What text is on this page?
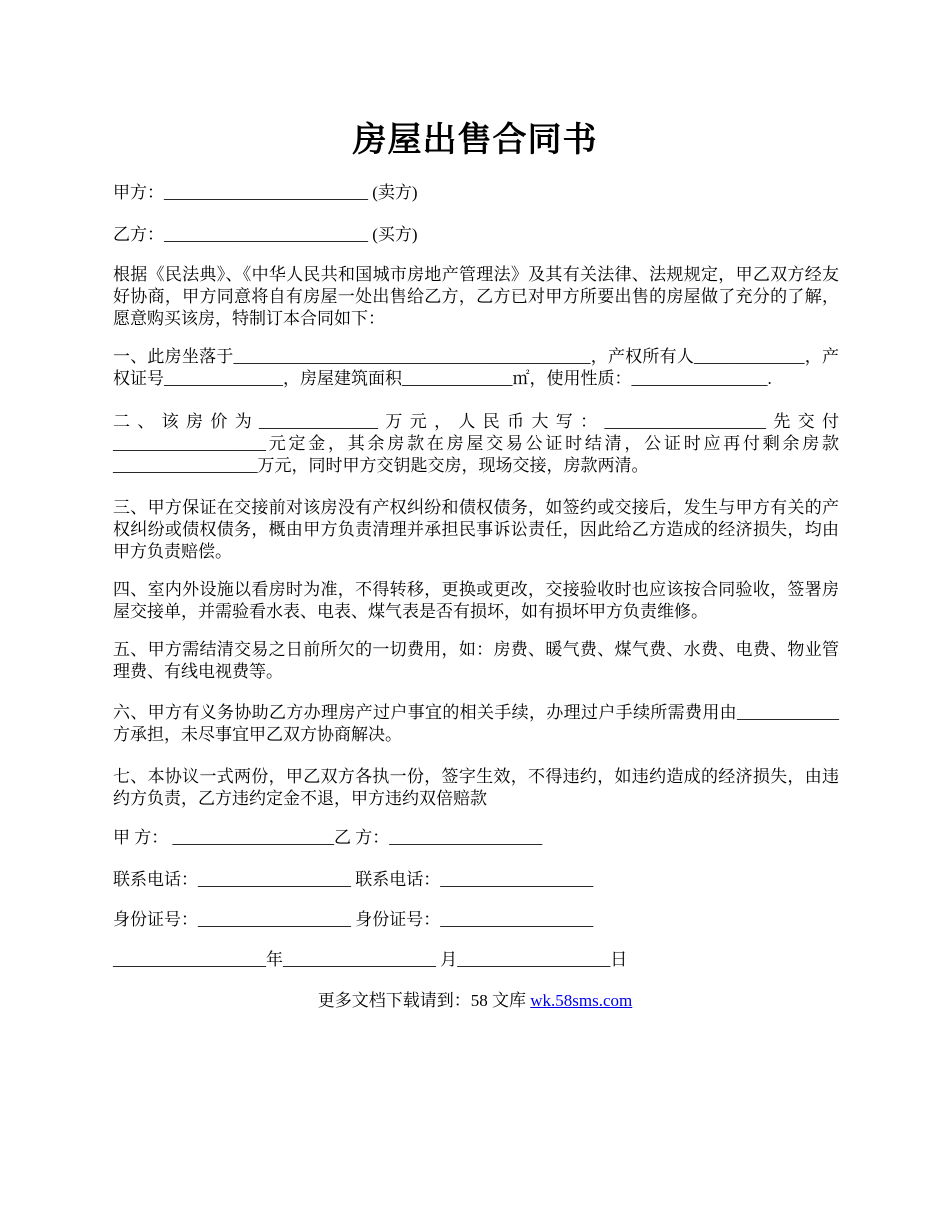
房屋出售合同书
甲方：________________________ (卖方)
乙方：________________________ (买方)
根据《民法典》、《中华人民共和国城市房地产管理法》及其有关法律、法规规定，甲乙双方经友好协商，甲方同意将自有房屋一处出售给乙方，乙方已对甲方所要出售的房屋做了充分的了解，愿意购买该房，特制订本合同如下：
一、此房坐落于__________________________________________，产权所有人_____________，产权证号______________，房屋建筑面积_____________㎡，使用性质：________________.
二、该房价为______________万元，人民币大写：___________________先交付__________________元定金，其余房款在房屋交易公证时结清，公证时应再付剩余房款_________________万元，同时甲方交钥匙交房，现场交接，房款两清。
三、甲方保证在交接前对该房没有产权纠纷和债权债务，如签约或交接后，发生与甲方有关的产权纠纷或债权债务，概由甲方负责清理并承担民事诉讼责任，因此给乙方造成的经济损失，均由甲方负责赔偿。
四、室内外设施以看房时为准，不得转移，更换或更改，交接验收时也应该按合同验收，签署房屋交接单，并需验看水表、电表、煤气表是否有损坏，如有损坏甲方负责维修。
五、甲方需结清交易之日前所欠的一切费用，如：房费、暖气费、煤气费、水费、电费、物业管理费、有线电视费等。
六、甲方有义务协助乙方办理房产过户事宜的相关手续，办理过户手续所需费用由____________方承担，未尽事宜甲乙双方协商解决。
七、本协议一式两份，甲乙双方各执一份，签字生效，不得违约，如违约造成的经济损失，由违约方负责，乙方违约定金不退，甲方违约双倍赔款
甲 方： ___________________乙 方：__________________
联系电话：__________________ 联系电话：__________________
身份证号：__________________ 身份证号：__________________
__________________年__________________ 月__________________日
更多文档下载请到：58 文库 wk.58sms.com
